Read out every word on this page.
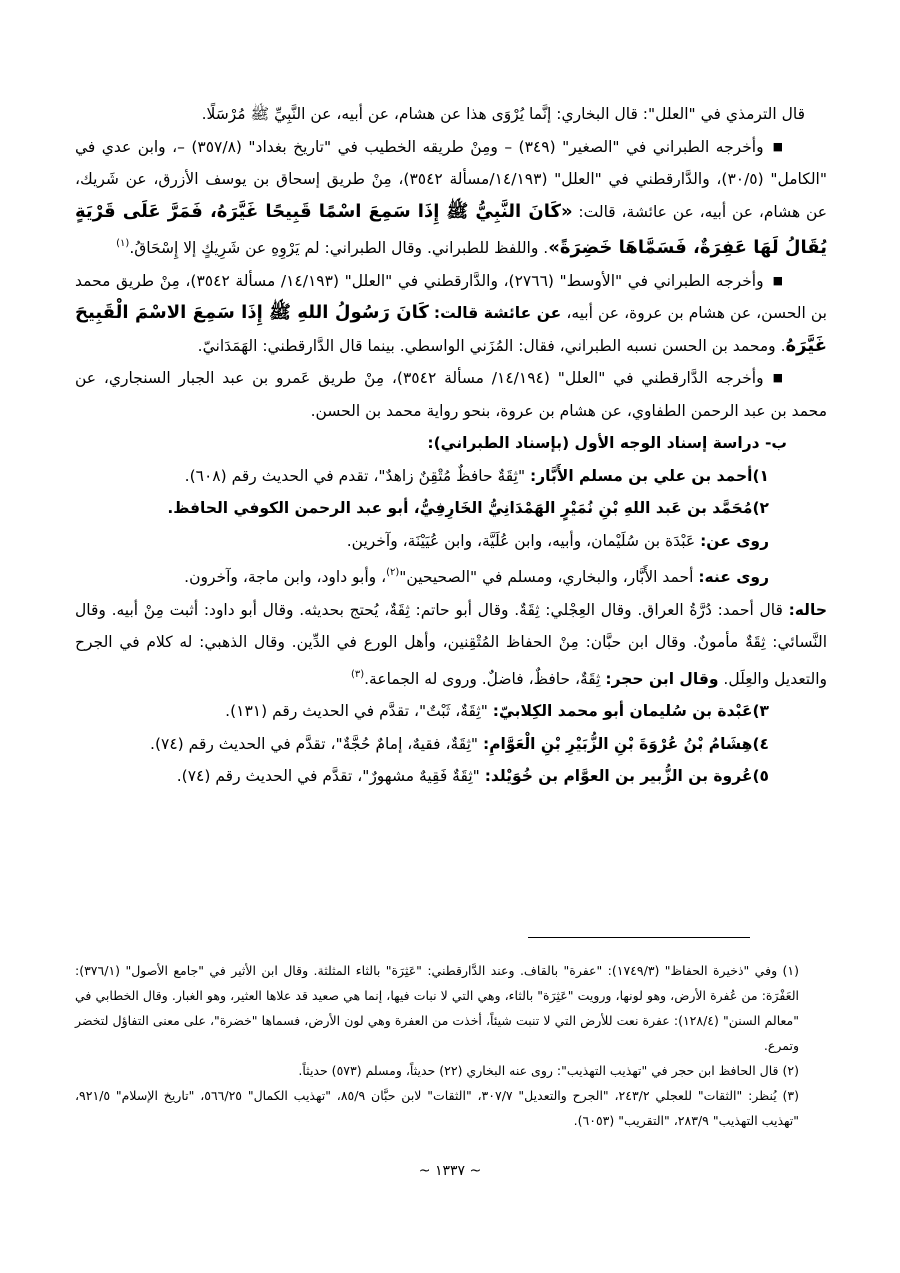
قال الترمذي في "العلل": قال البخاري: إنَّما يُرْوَى هذا عن هشام، عن أبيه، عن النَّبِيِّ ﷺ مُرْسَلًا.

■وأخرجه الطبراني في "الصغير" (٣٤٩) – ومِنْ طريقه الخطيب في "تاريخ بغداد" (٣٥٧/٨) –، وابن عدي في "الكامل" (٣٠/٥)، والدَّارقطني في "العلل" (١٤/١٩٣/مسألة ٣٥٤٢)، مِنْ طريق إسحاق بن يوسف الأزرق، عن شَريك، عن هشام، عن أبيه، عن عائشة، قالت: «كَانَ النَّبِيُّ ﷺ إِذَا سَمِعَ اسْمًا قَبِيحًا غَيَّرَهُ، فَمَرَّ عَلَى قَرْيَةٍ يُقَالُ لَهَا عَفِرَةٌ، فَسَمَّاهَا خَضِرَةً». واللفظ للطبراني. وقال الطبراني: لم يَرْوِهِ عن شَرِيكٍ إلا إِسْحَاقُ.$^{(١)}$

■وأخرجه الطبراني في "الأوسط" (٢٧٦٦)، والدَّارقطني في "العلل" (١٤/١٩٣/ مسألة ٣٥٤٢)، مِنْ طريق محمد بن الحسن، عن هشام بن عروة، عن أبيه، عن عائشة قالت: كَانَ رَسُولُ اللهِ ﷺ إِذَا سَمِعَ الاسْمَ الْقَبِيحَ غَيَّرَهُ. ومحمد بن الحسن نسبه الطبراني، فقال: المُزَني الواسطي. بينما قال الدَّارقطني: الهَمَدَانيّ.

■وأخرجه الدَّارقطني في "العلل" (١٤/١٩٤/ مسألة ٣٥٤٢)، مِنْ طريق عَمرو بن عبد الجبار السنجاري، عن محمد بن عبد الرحمن الطفاوي، عن هشام بن عروة، بنحو رواية محمد بن الحسن.

ب- دراسة إسناد الوجه الأول (بإسناد الطبراني):

١)أحمد بن علي بن مسلم الأَبَّار: "ثِقَةٌ حافظٌ مُتْقِنٌ زاهدٌ"، تقدم في الحديث رقم (٦٠٨).

٢)مُحَمَّد بن عَبد اللهِ بْنِ نُمَيْرٍ الهَمْدَانِيُّ الخَارِفِيُّ، أبو عبد الرحمن الكوفي الحافظ.

روى عن: عَبْدَة بن سُلَيْمان، وأبيه، وابن عُلَيَّة، وابن عُيَيْنَة، وآخرين.

روى عنه: أحمد الأَبَّار، والبخاري، ومسلم في "الصحيحين"$^{(٢)}$، وأبو داود، وابن ماجة، وآخرون.

حاله: قال أحمد: دُرَّةُ العراق. وقال العِجْلي: ثِقَةٌ. وقال أبو حاتم: ثِقَةٌ، يُحتج بحديثه. وقال أبو داود: أثبت مِنْ أبيه. وقال النَّسائي: ثِقَةٌ مأمونٌ. وقال ابن حبَّان: مِنْ الحفاظ المُتْقِنين، وأهل الورع في الدِّين. وقال الذهبي: له كلام في الجرح والتعديل والعِلَل. وقال ابن حجر: ثِقَةٌ، حافظٌ، فاضلٌ. وروى له الجماعة.$^{(٣)}$

٣)عَبْدة بن سُليمان أبو محمد الكِلابيّ: "ثِقَةٌ، ثَبْتٌ"، تقدَّم في الحديث رقم (١٣١).

٤)هِشَامُ بْنُ عُرْوَةَ بْنِ الزُّبَيْرِ بْنِ الْعَوَّامِ: "ثِقَةٌ، فقيهٌ، إمامٌ حُجَّةٌ"، تقدَّم في الحديث رقم (٧٤).

٥)عُروة بن الزُّبير بن العوَّام بن خُوَيْلد: "ثِقَةٌ فَقِيهٌ مشهورٌ"، تقدَّم في الحديث رقم (٧٤).

(١) وفي "ذخيرة الحفاظ" (١٧٤٩/٣): "عفرة" بالقاف. وعند الدَّارقطني: "عَثِرَة" بالثاء المثلثة. وقال ابن الأثير في "جامع الأصول" (٣٧٦/١): العَفْرَة: من عُفرة الأرض، وهو لونها، ورويت "عَثِرَة" بالثاء، وهي التي لا نبات فيها، إنما هي صعيد قد علاها العثير، وهو الغبار. وقال الخطابي في "معالم السنن" (١٢٨/٤): عفرة نعت للأرض التي لا تنبت شيئاً، أخذت من العفرة وهي لون الأرض، فسماها "خضرة"، على معنى التفاؤل لتخضر وتمرع.

(٢) قال الحافظ ابن حجر في "تهذيب التهذيب": روى عنه البخاري (٢٢) حديثاً، ومسلم (٥٧٣) حديثاً.

(٣) يُنظر: "الثقات" للعجلي ٢٤٣/٢، "الجرح والتعديل" ٣٠٧/٧، "الثقات" لابن حبَّان ٨٥/٩، "تهذيب الكمال" ٥٦٦/٢٥، "تاريخ الإسلام" ٩٢١/٥، "تهذيب التهذيب" ٢٨٣/٩، "التقريب" (٦٠٥٣).

~ ١٣٣٧ ~
